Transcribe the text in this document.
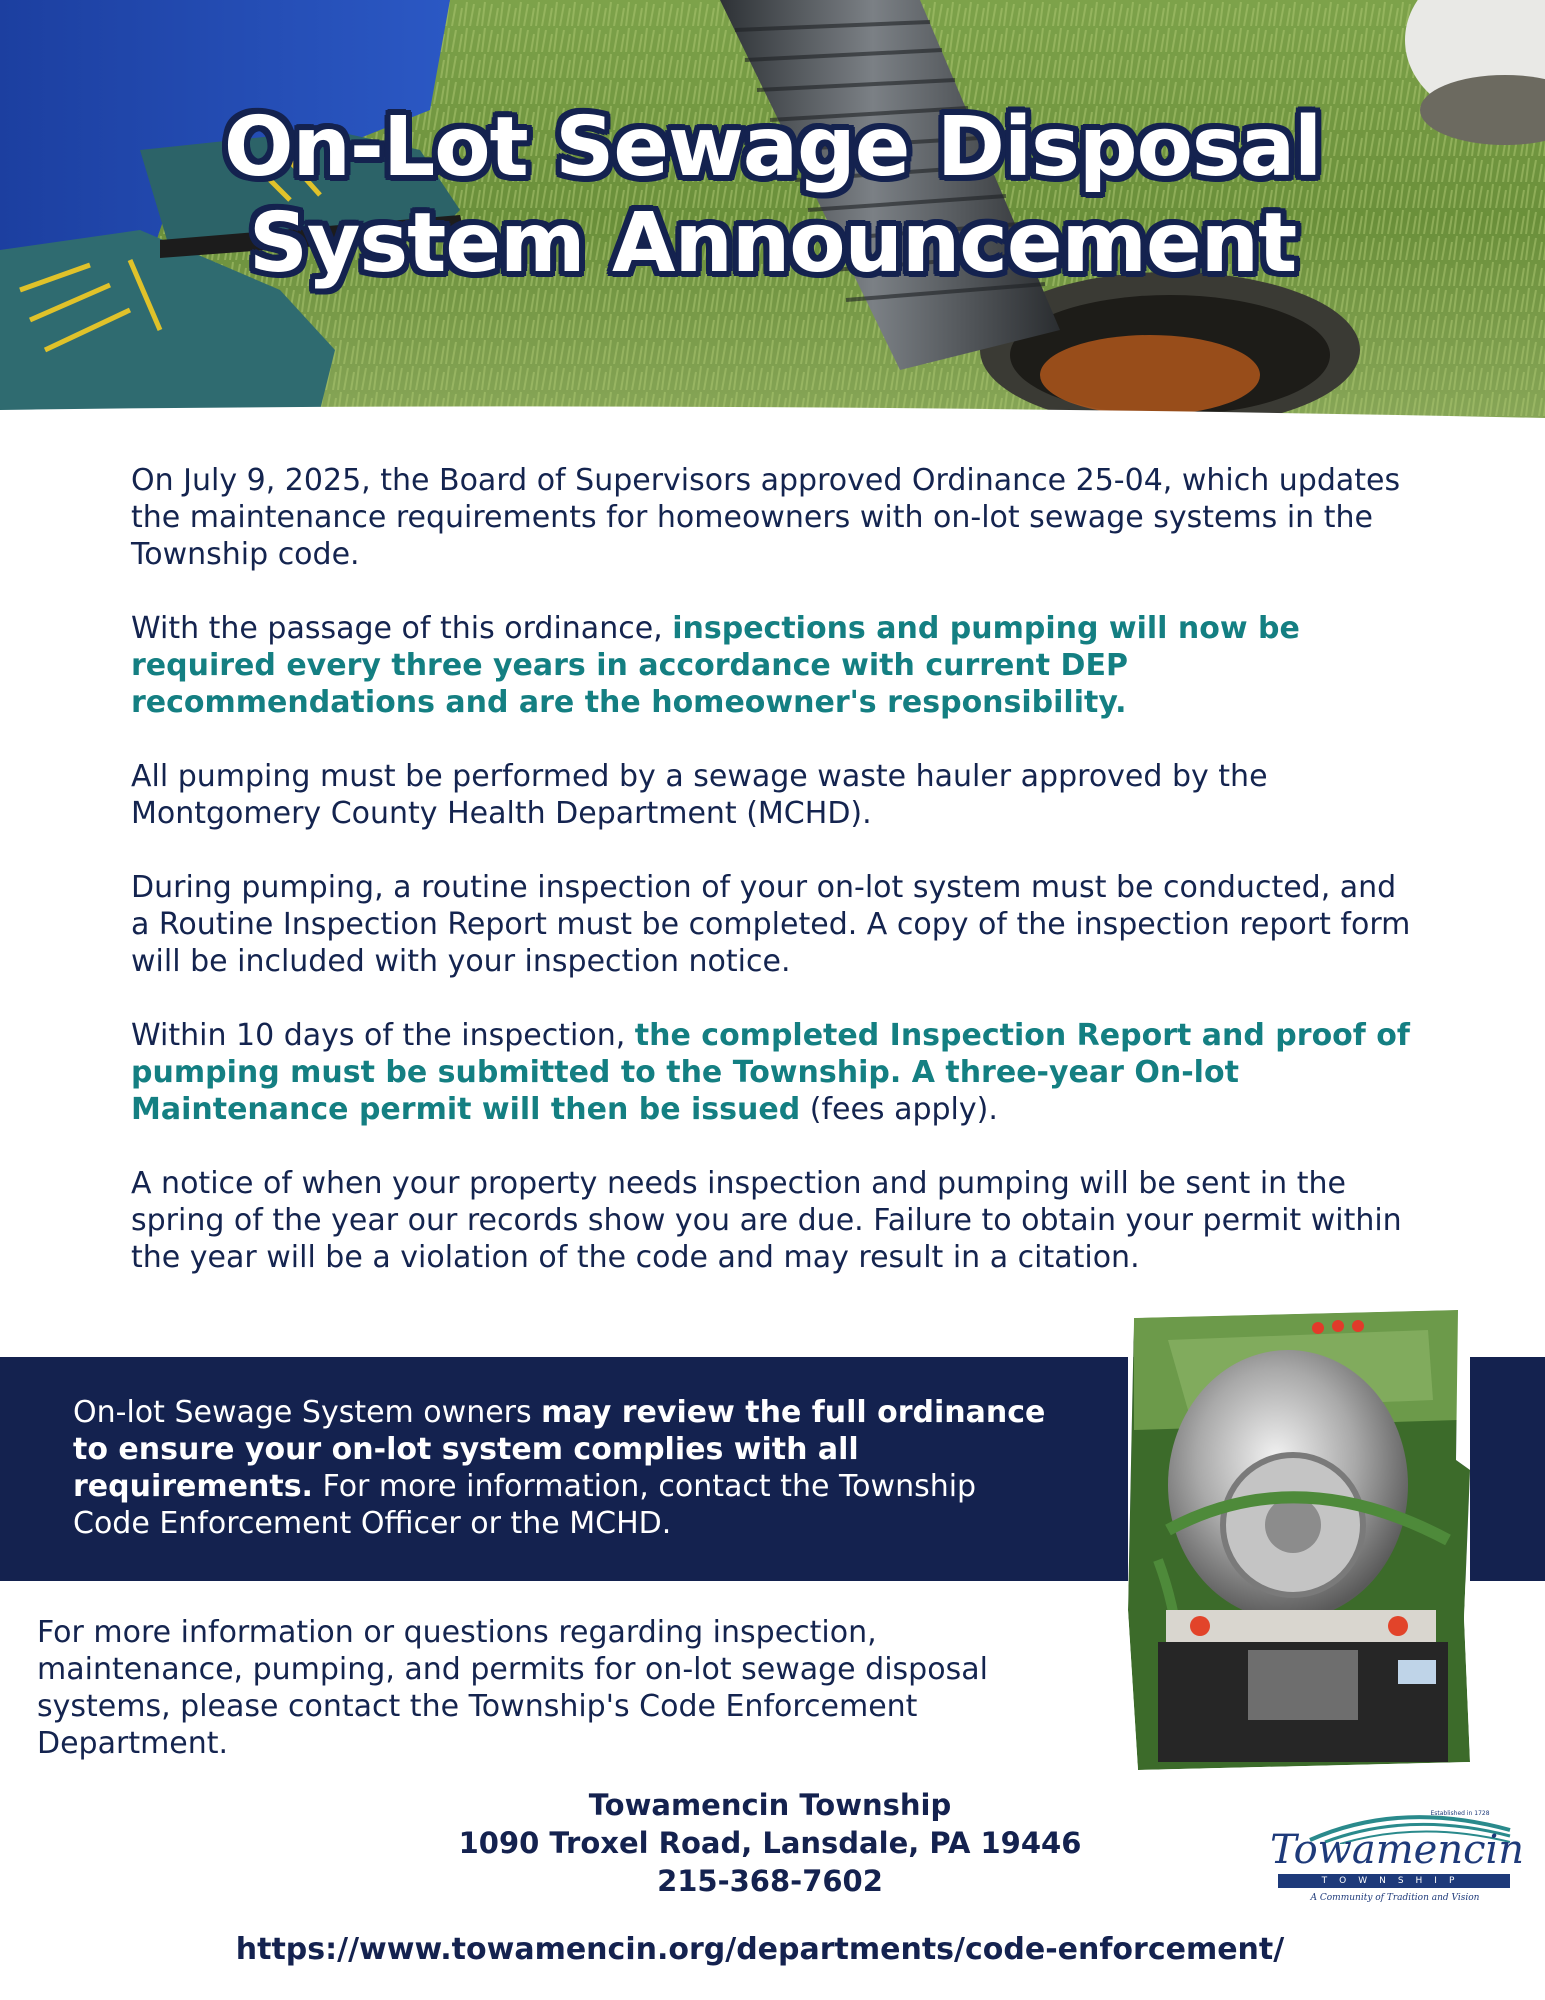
On-Lot Sewage Disposal
System Announcement

On July 9, 2025, the Board of Supervisors approved Ordinance 25-04, which updates the maintenance requirements for homeowners with on-lot sewage systems in the Township code.

With the passage of this ordinance, inspections and pumping will now be required every three years in accordance with current DEP recommendations and are the homeowner's responsibility.

All pumping must be performed by a sewage waste hauler approved by the Montgomery County Health Department (MCHD).

During pumping, a routine inspection of your on-lot system must be conducted, and a Routine Inspection Report must be completed. A copy of the inspection report form will be included with your inspection notice.

Within 10 days of the inspection, the completed Inspection Report and proof of pumping must be submitted to the Township. A three-year On-lot Maintenance permit will then be issued (fees apply).

A notice of when your property needs inspection and pumping will be sent in the spring of the year our records show you are due. Failure to obtain your permit within the year will be a violation of the code and may result in a citation.

On-lot Sewage System owners may review the full ordinance to ensure your on-lot system complies with all requirements. For more information, contact the Township Code Enforcement Officer or the MCHD.

For more information or questions regarding inspection, maintenance, pumping, and permits for on-lot sewage disposal systems, please contact the Township's Code Enforcement Department.

Towamencin Township
1090 Troxel Road, Lansdale, PA 19446
215-368-7602
https://www.towamencin.org/departments/code-enforcement/
Established in 1728
Towamencin
TOWNSHIP
A Community of Tradition and Vision
